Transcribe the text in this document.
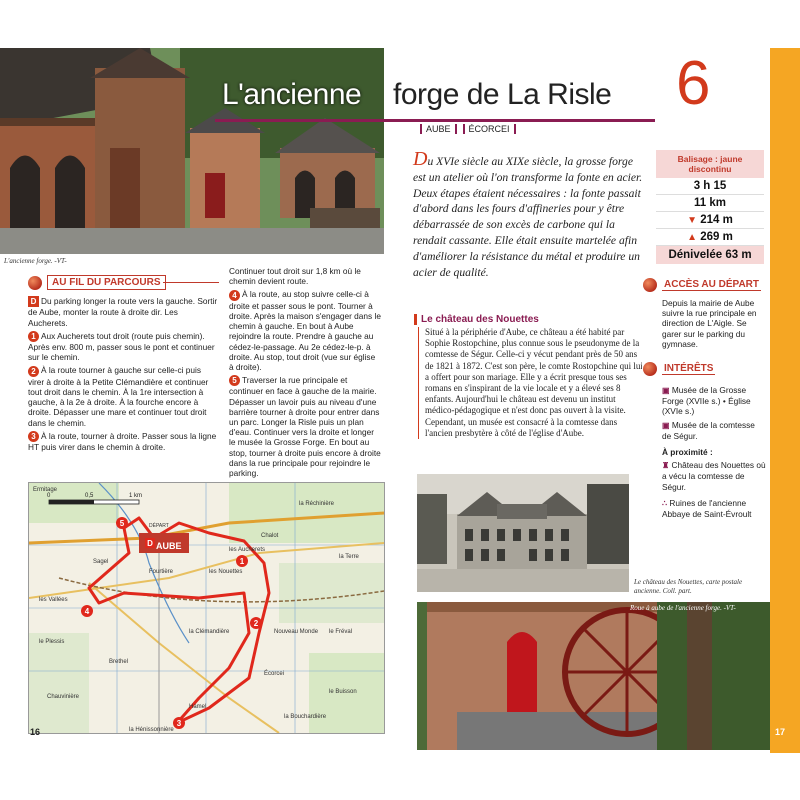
L'ancienne forge. -VT-
AU FIL DU PARCOURS

D Du parking longer la route vers la gauche. Sortir de Aube, monter la route à droite dir. Les Aucherets.

1 Aux Aucherets tout droit (route puis chemin). Après env. 800 m, passer sous le pont et continuer sur le chemin.

2 À la route tourner à gauche sur celle-ci puis virer à droite à la Petite Clémandière et continuer tout droit dans le chemin. À la 1re intersection à gauche, à la 2e à droite. À la fourche encore à droite. Dépasser une mare et continuer tout droit dans le chemin.

3 À la route, tourner à droite. Passer sous la ligne HT puis virer dans le chemin à droite.

Continuer tout droit sur 1,8 km où le chemin devient route.

4 À la route, au stop suivre celle-ci à droite et passer sous le pont. Tourner à droite. Après la maison s'engager dans le chemin à gauche. En bout à Aube rejoindre la route. Prendre à gauche au cédez-le-passage. Au 2e cédez-le-p. à droite. Au stop, tout droit (vue sur église à droite).

5 Traverser la rue principale et continuer en face à gauche de la mairie. Dépasser un lavoir puis au niveau d'une barrière tourner à droite pour entrer dans un parc. Longer la Risle puis un plan d'eau. Continuer vers la droite et longer le musée la Grosse Forge. En bout au stop, tourner à droite puis encore à droite dans la rue principale pour rejoindre le parking.

5
1
2
3
4
D
0	0,5	1 km
Ermitage
AUBE
DÉPART
la Réchinière
Chalot
Fourtière	les Nouettes
les Vallées
la Clémandière	Nouveau Monde
Brethel
Écorcei
Hamel
la Bouchardière
la Hénissonnière
la Terre
le Fréval
le Buisson
le Plessis
Sagel
les Aucherets
Chauvinière
16
L'ancienne forge de La Risle
AUBE	ÉCORCEI
6
Du XVIe siècle au XIXe siècle, la grosse forge est un atelier où l'on transforme la fonte en acier. Deux étapes étaient nécessaires : la fonte passait d'abord dans les fours d'affineries pour y être débarrassée de son excès de carbone qui la rendait cassante. Elle était ensuite martelée afin d'améliorer la résistance du métal et produire un acier de qualité.
Le château des Nouettes
Situé à la périphérie d'Aube, ce château a été habité par Sophie Rostopchine, plus connue sous le pseudonyme de la comtesse de Ségur. Celle-ci y vécut pendant près de 50 ans de 1821 à 1872. C'est son père, le comte Rostopchine qui lui a offert pour son mariage. Elle y a écrit presque tous ses romans en s'inspirant de la vie locale et y a élevé ses 8 enfants. Aujourd'hui le château est devenu un institut médico-pédagogique et n'est donc pas ouvert à la visite. Cependant, un musée est consacré à la comtesse dans l'ancien presbytère à côté de l'église d'Aube.
Le château des Nouettes, carte postale ancienne. Coll. part.
Roue à aube de l'ancienne forge. -VT-
17
Balisage : jaune discontinu
3 h 15
11 km
▼ 214 m
▲ 269 m
Dénivelée 63 m
ACCÈS AU DÉPART
Depuis la mairie de Aube suivre la rue principale en direction de L'Aigle. Se garer sur le parking du gymnase.
INTÉRÊTS

▣ Musée de la Grosse Forge (XVIIe s.) • Église (XVIe s.)

▣ Musée de la comtesse de Ségur.

À proximité :

♜ Château des Nouettes où a vécu la comtesse de Ségur.

∴ Ruines de l'ancienne Abbaye de Saint-Évroult
